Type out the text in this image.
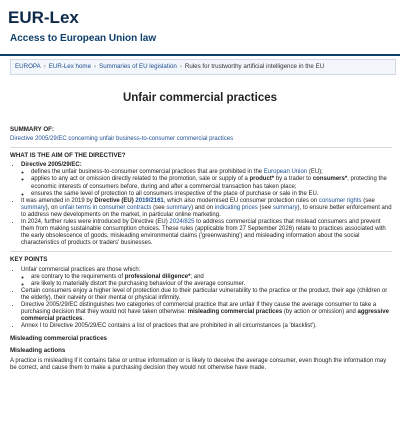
EUR-Lex
Access to European Union law
EUROPA › EUR-Lex home › Summaries of EU legislation › Rules for trustworthy artificial intelligence in the EU
Unfair commercial practices
SUMMARY OF:

Directive 2005/29/EC concerning unfair business-to-consumer commercial practices

WHAT IS THE AIM OF THE DIRECTIVE?
• Directive 2005/29/EC:
◦ defines the unfair business-to-consumer commercial practices that are prohibited in the European Union (EU);
◦ applies to any act or omission directly related to the promotion, sale or supply of a product* by a trader to consumers*, protecting the economic interests of consumers before, during and after a commercial transaction has taken place;
◦ ensures the same level of protection to all consumers irrespective of the place of purchase or sale in the EU.
• It was amended in 2019 by Directive (EU) 2019/2161, which also modernised EU consumer protection rules on consumer rights (see summary), on unfair terms in consumer contracts (see summary) and on indicating prices (see summary), to ensure better enforcement and to address new developments on the market, in particular online marketing.
• In 2024, further rules were introduced by Directive (EU) 2024/825 to address commercial practices that mislead consumers and prevent them from making sustainable consumption choices. These rules (applicable from 27 September 2026) relate to practices associated with the early obsolescence of goods, misleading environmental claims ('greenwashing') and misleading information about the social characteristics of products or traders' businesses.
KEY POINTS
• Unfair commercial practices are those which:
◦ are contrary to the requirements of professional diligence*; and
◦ are likely to materially distort the purchasing behaviour of the average consumer.
• Certain consumers enjoy a higher level of protection due to their particular vulnerability to the practice or the product, their age (children or the elderly), their naivety or their mental or physical infirmity.
• Directive 2005/29/EC distinguishes two categories of commercial practice that are unfair if they cause the average consumer to take a purchasing decision that they would not have taken otherwise: misleading commercial practices (by action or omission) and aggressive commercial practices.
• Annex I to Directive 2005/29/EC contains a list of practices that are prohibited in all circumstances (a 'blacklist').
Misleading commercial practices
Misleading actions

A practice is misleading if it contains false or untrue information or is likely to deceive the average consumer, even though the information may be correct, and cause them to make a purchasing decision they would not otherwise have made.
